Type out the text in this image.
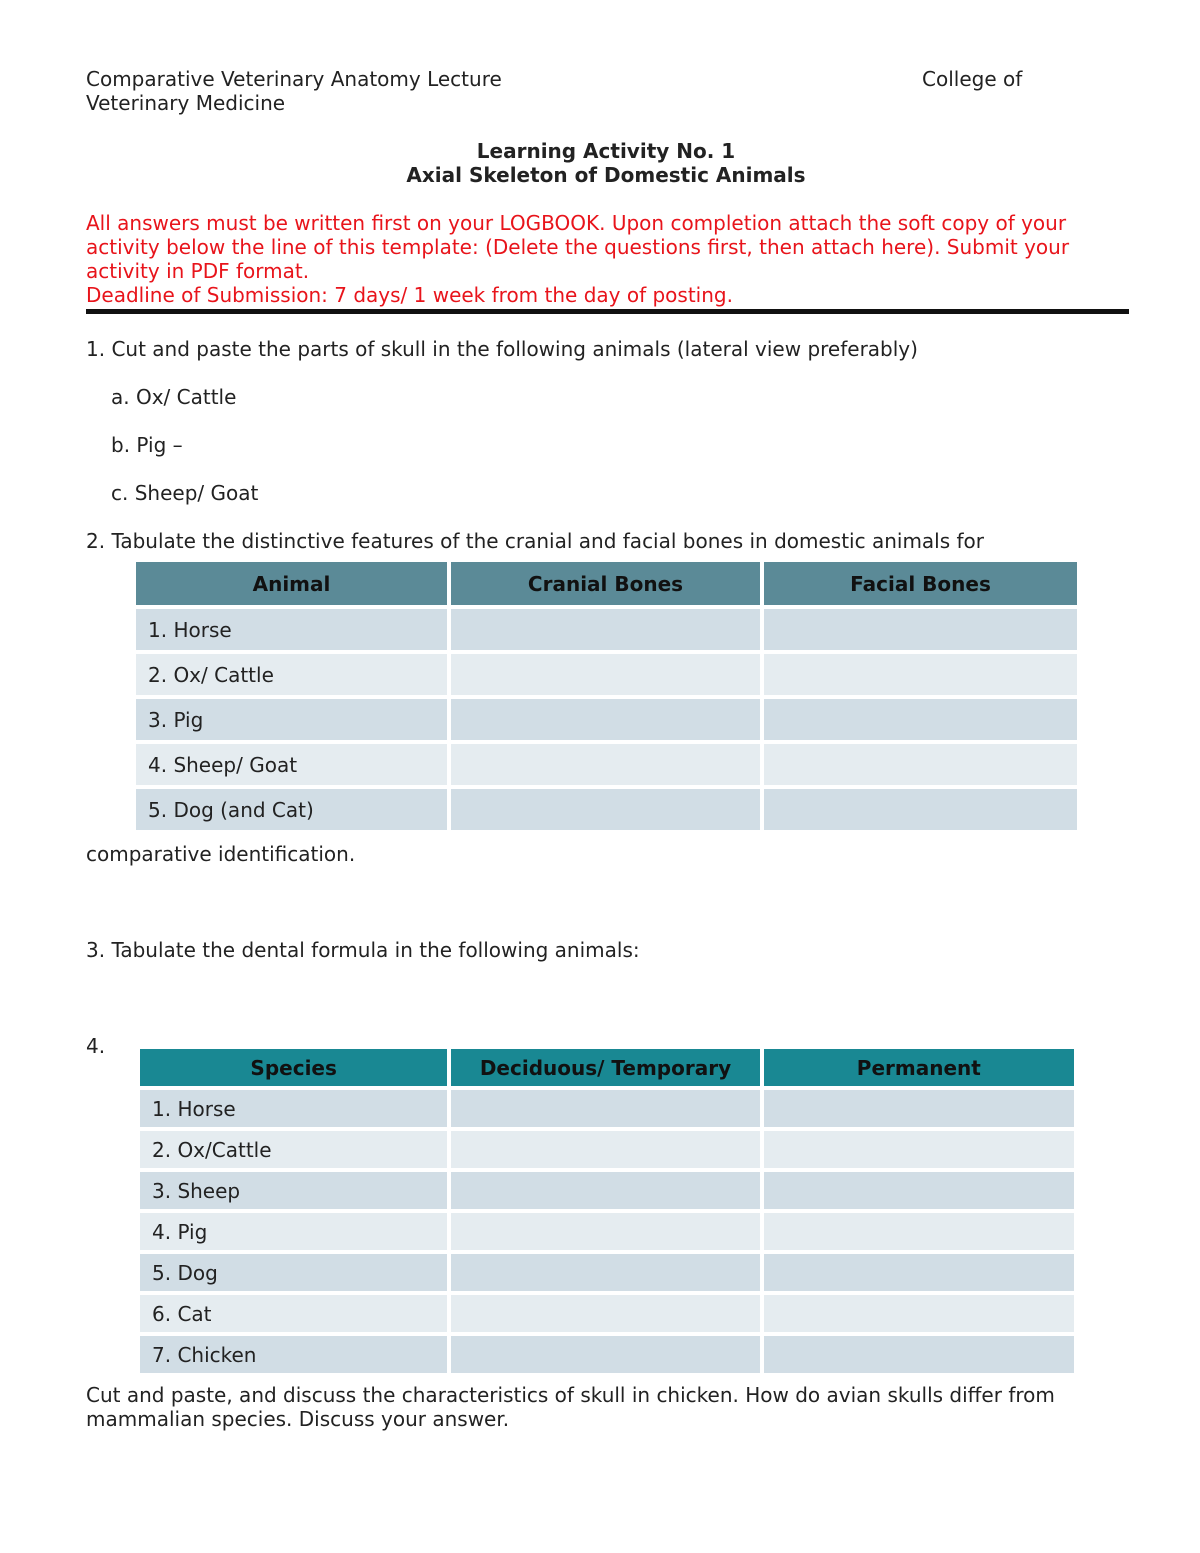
Comparative Veterinary Anatomy Lecture	College of
Veterinary Medicine
Learning Activity No. 1
Axial Skeleton of Domestic Animals
All answers must be written first on your LOGBOOK. Upon completion attach the soft copy of your
activity below the line of this template: (Delete the questions first, then attach here). Submit your
activity in PDF format.
Deadline of Submission: 7 days/ 1 week from the day of posting.
1. Cut and paste the parts of skull in the following animals (lateral view preferably)
a. Ox/ Cattle
b. Pig –
c. Sheep/ Goat
2. Tabulate the distinctive features of the cranial and facial bones in domestic animals for
Animal	Cranial Bones	Facial Bones
1. Horse		
2. Ox/ Cattle		
3. Pig		
4. Sheep/ Goat		
5. Dog (and Cat)		
comparative identification.
3. Tabulate the dental formula in the following animals:
4.
Species	Deciduous/ Temporary	Permanent
1. Horse		
2. Ox/Cattle		
3. Sheep		
4. Pig		
5. Dog		
6. Cat		
7. Chicken		
Cut and paste, and discuss the characteristics of skull in chicken. How do avian skulls differ from
mammalian species. Discuss your answer.
